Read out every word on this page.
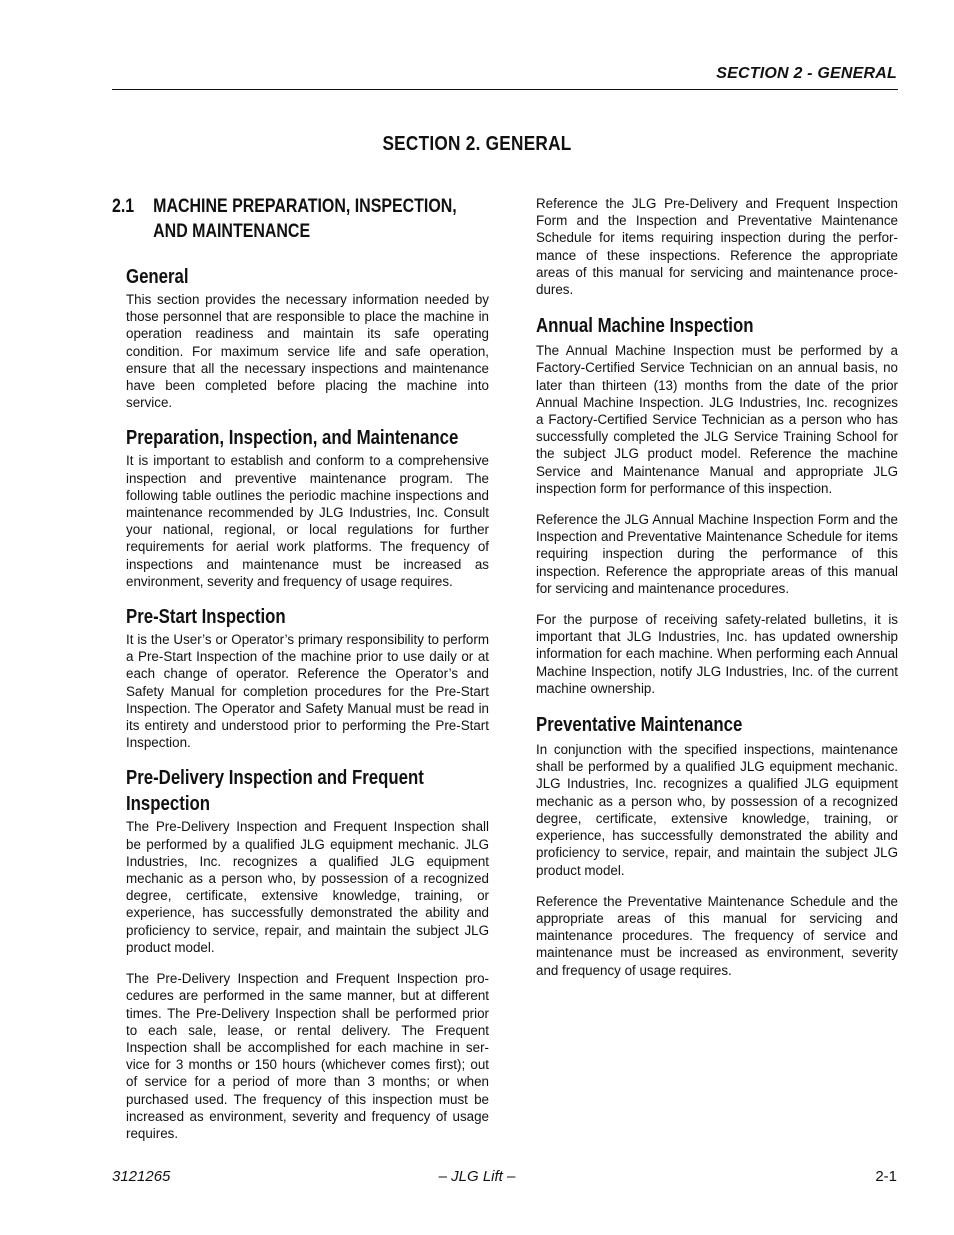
SECTION 2 - GENERAL
SECTION 2. GENERAL
2.1 MACHINE PREPARATION, INSPECTION,
AND MAINTENANCE
General

This section provides the necessary information needed by those personnel that are responsible to place the machine in operation readiness and maintain its safe operating condition. For maximum service life and safe operation, ensure that all the necessary inspections and maintenance have been completed before placing the machine into service.

Preparation, Inspection, and Maintenance

It is important to establish and conform to a comprehensive inspection and preventive maintenance program. The following table outlines the periodic machine inspections and maintenance recommended by JLG Industries, Inc. Consult your national, regional, or local regulations for further requirements for aerial work platforms. The frequency of inspections and maintenance must be increased as environment, severity and frequency of usage requires.

Pre-Start Inspection

It is the User’s or Operator’s primary responsibility to perform a Pre-Start Inspection of the machine prior to use daily or at each change of operator. Reference the Operator’s and Safety Manual for completion procedures for the Pre-Start Inspection. The Operator and Safety Manual must be read in its entirety and understood prior to performing the Pre-Start Inspection.

Pre-Delivery Inspection and Frequent
Inspection

The Pre-Delivery Inspection and Frequent Inspection shall be performed by a qualified JLG equipment mechanic. JLG Industries, Inc. recognizes a qualified JLG equipment mechanic as a person who, by possession of a recognized degree, certificate, extensive knowledge, training, or experience, has successfully demonstrated the ability and proficiency to service, repair, and maintain the subject JLG product model.

The Pre-Delivery Inspection and Frequent Inspection procedures are performed in the same manner, but at different times. The Pre-Delivery Inspection shall be performed prior to each sale, lease, or rental delivery. The Frequent Inspection shall be accomplished for each machine in service for 3 months or 150 hours (whichever comes first); out of service for a period of more than 3 months; or when purchased used. The frequency of this inspection must be increased as environment, severity and frequency of usage requires.

Reference the JLG Pre-Delivery and Frequent Inspection Form and the Inspection and Preventative Maintenance Schedule for items requiring inspection during the performance of these inspections. Reference the appropriate areas of this manual for servicing and maintenance procedures.

Annual Machine Inspection

The Annual Machine Inspection must be performed by a Factory-Certified Service Technician on an annual basis, no later than thirteen (13) months from the date of the prior Annual Machine Inspection. JLG Industries, Inc. recognizes a Factory-Certified Service Technician as a person who has successfully completed the JLG Service Training School for the subject JLG product model. Reference the machine Service and Maintenance Manual and appropriate JLG inspection form for performance of this inspection.

Reference the JLG Annual Machine Inspection Form and the Inspection and Preventative Maintenance Schedule for items requiring inspection during the performance of this inspection. Reference the appropriate areas of this manual for servicing and maintenance procedures.

For the purpose of receiving safety-related bulletins, it is important that JLG Industries, Inc. has updated ownership information for each machine. When performing each Annual Machine Inspection, notify JLG Industries, Inc. of the current machine ownership.

Preventative Maintenance

In conjunction with the specified inspections, maintenance shall be performed by a qualified JLG equipment mechanic. JLG Industries, Inc. recognizes a qualified JLG equipment mechanic as a person who, by possession of a recognized degree, certificate, extensive knowledge, training, or experience, has successfully demonstrated the ability and proficiency to service, repair, and maintain the subject JLG product model.

Reference the Preventative Maintenance Schedule and the appropriate areas of this manual for servicing and maintenance procedures. The frequency of service and maintenance must be increased as environment, severity and frequency of usage requires.

3121265	– JLG Lift –	2-1
